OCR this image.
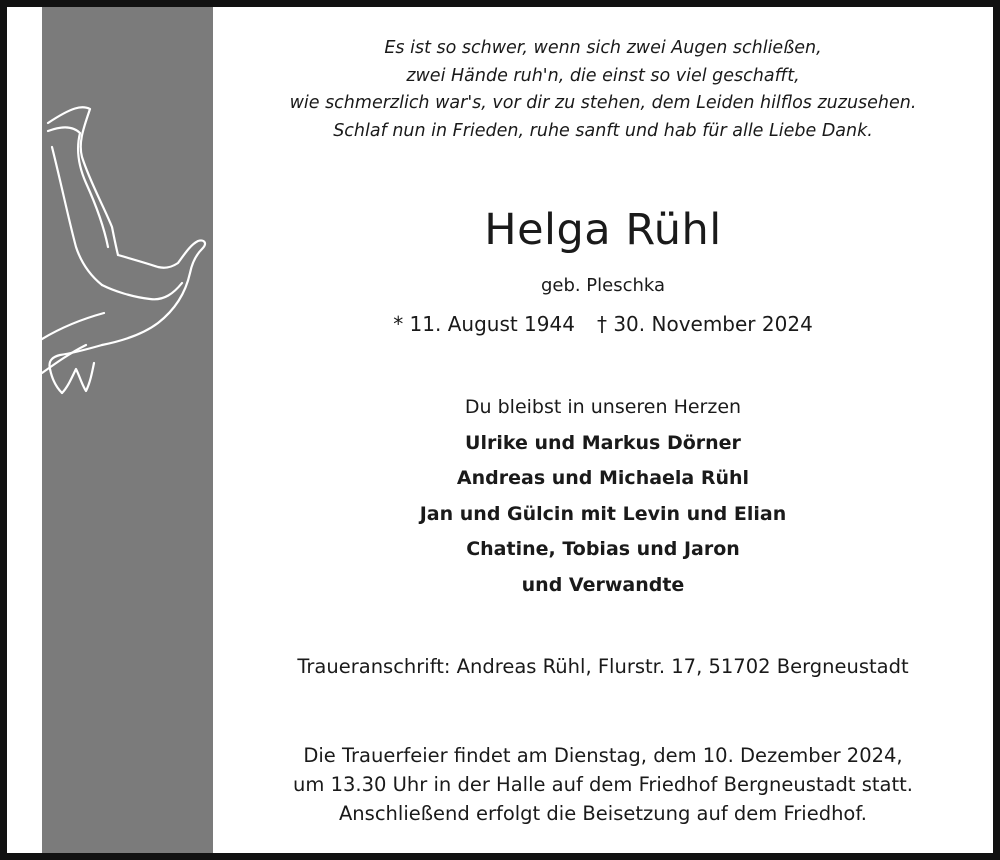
Es ist so schwer, wenn sich zwei Augen schließen,
zwei Hände ruh'n, die einst so viel geschafft,
wie schmerzlich war's, vor dir zu stehen, dem Leiden hilflos zuzusehen.
Schlaf nun in Frieden, ruhe sanft und hab für alle Liebe Dank.
Helga Rühl
geb. Pleschka
* 11. August 1944 † 30. November 2024
Du bleibst in unseren Herzen
Ulrike und Markus Dörner
Andreas und Michaela Rühl
Jan und Gülcin mit Levin und Elian
Chatine, Tobias und Jaron
und Verwandte
Traueranschrift: Andreas Rühl, Flurstr. 17, 51702 Bergneustadt
Die Trauerfeier findet am Dienstag, dem 10. Dezember 2024,
um 13.30 Uhr in der Halle auf dem Friedhof Bergneustadt statt.
Anschließend erfolgt die Beisetzung auf dem Friedhof.
